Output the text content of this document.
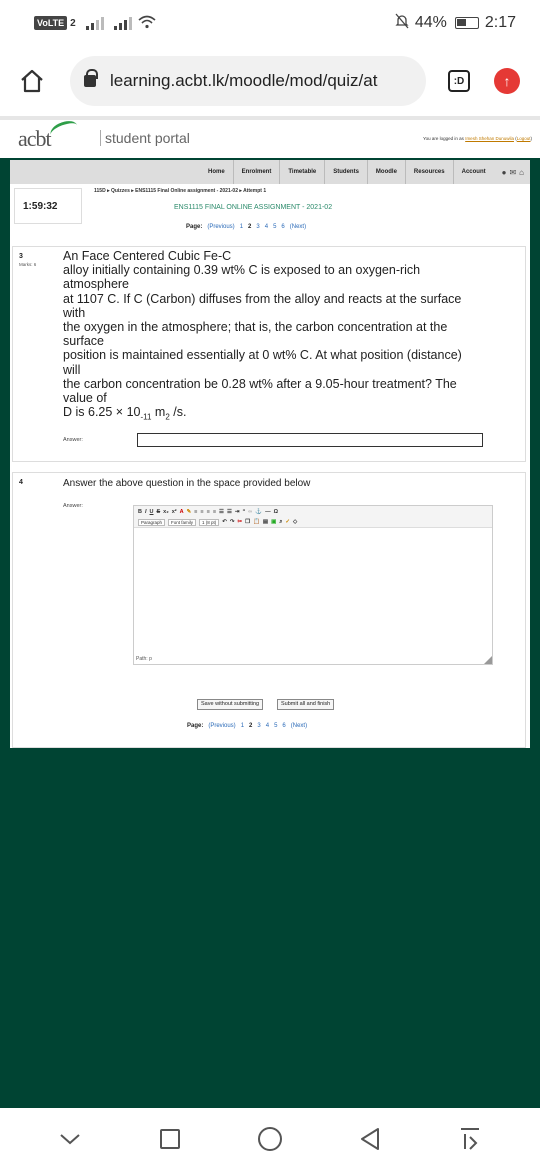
VoLTE 2	44% 2:17
learning.acbt.lk/moodle/mod/quiz/at	:D	↑
acbt	student portal	You are logged in as Imesh Shehan Dunuwila (Logout)
Home	Enrolment	Timetable	Students	Moodle	Resources	Account	● ✉ ⌂
115D ▸ Quizzes ▸ ENS1115 Final Online assignment - 2021-02 ▸ Attempt 1
1:59:32	ENS1115 FINAL ONLINE ASSIGNMENT - 2021-02
Page: (Previous) 1 2 3 4 5 6 (Next)
3
Marks: 6
An Face Centered Cubic Fe-C
alloy initially containing 0.39 wt% C is exposed to an oxygen-rich
atmosphere
at 1107 C. If C (Carbon) diffuses from the alloy and reacts at the surface
with
the oxygen in the atmosphere; that is, the carbon concentration at the
surface
position is maintained essentially at 0 wt% C. At what position (distance)
will
the carbon concentration be 0.28 wt% after a 9.05-hour treatment? The
value of
D is $6.25 \times 10_{-11}$ $m_2$ /s.
Answer:
4	Answer the above question in the space provided below
Answer:
B I U S x₂ x² A ✎ ≡ ≡ ≡ ≡ ☰ ☰ ⇥ “ ∞ ⚓ — Ω
Paragraph	Font family	1 (8 pt)	↶ ↷ ✂ ❐ 📋 ▤ ▣ ⌕ ✓ ◇
Path: p
Save without submitting	Submit all and finish
Page: (Previous) 1 2 3 4 5 6 (Next)
